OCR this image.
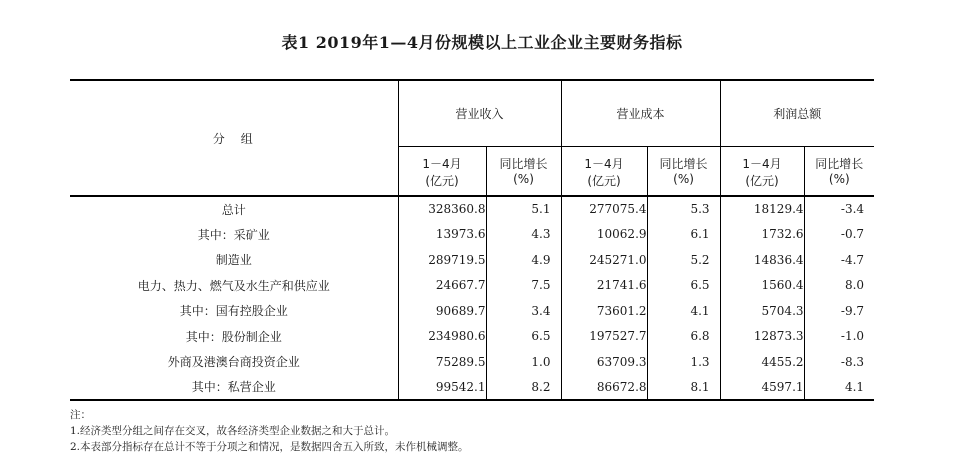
表1 2019年1—4月份规模以上工业企业主要财务指标
分　组	营业收入		营业成本		利润总额	
	1－4月	同比增长	1－4月	同比增长	1－4月	同比增长
	(亿元)	(%)	(亿元)	(%)	(亿元)	(%)
总计	328360.8	5.1	277075.4	5.3	18129.4	-3.4
其中：采矿业	13973.6	4.3	10062.9	6.1	1732.6	-0.7
制造业	289719.5	4.9	245271.0	5.2	14836.4	-4.7
电力、热力、燃气及水生产和供应业	24667.7	7.5	21741.6	6.5	1560.4	8.0
其中：国有控股企业	90689.7	3.4	73601.2	4.1	5704.3	-9.7
其中：股份制企业	234980.6	6.5	197527.7	6.8	12873.3	-1.0
外商及港澳台商投资企业	75289.5	1.0	63709.3	1.3	4455.2	-8.3
其中：私营企业	99542.1	8.2	86672.8	8.1	4597.1	4.1
注：
1.经济类型分组之间存在交叉，故各经济类型企业数据之和大于总计。
2.本表部分指标存在总计不等于分项之和情况，是数据四舍五入所致，未作机械调整。
